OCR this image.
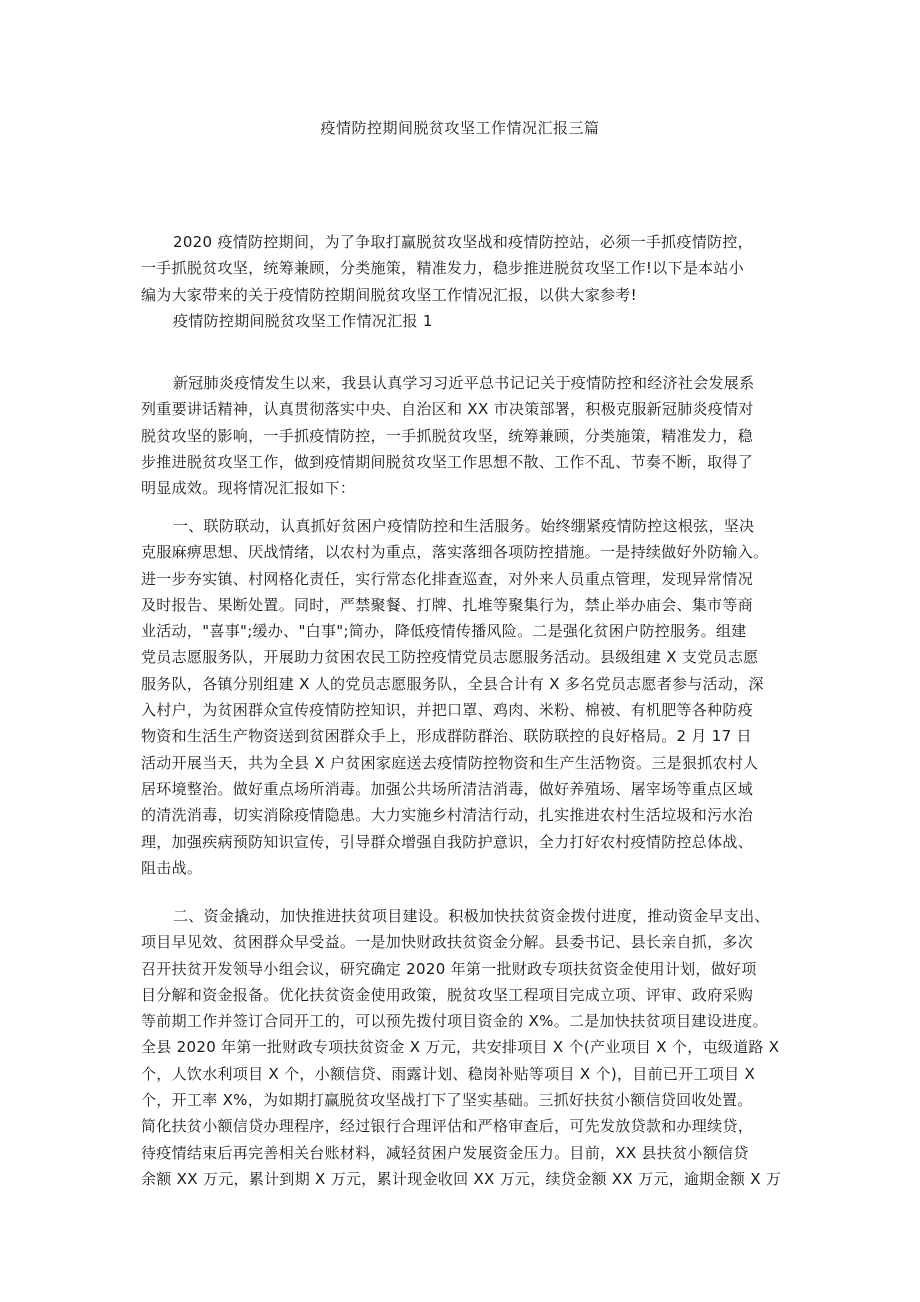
疫情防控期间脱贫攻坚工作情况汇报三篇
2020 疫情防控期间，为了争取打赢脱贫攻坚战和疫情防控站，必须一手抓疫情防控，
一手抓脱贫攻坚，统筹兼顾，分类施策，精准发力，稳步推进脱贫攻坚工作!以下是本站小
编为大家带来的关于疫情防控期间脱贫攻坚工作情况汇报，以供大家参考!
疫情防控期间脱贫攻坚工作情况汇报 1
新冠肺炎疫情发生以来，我县认真学习习近平总书记记关于疫情防控和经济社会发展系
列重要讲话精神，认真贯彻落实中央、自治区和 XX 市决策部署，积极克服新冠肺炎疫情对
脱贫攻坚的影响，一手抓疫情防控，一手抓脱贫攻坚，统筹兼顾，分类施策，精准发力，稳
步推进脱贫攻坚工作，做到疫情期间脱贫攻坚工作思想不散、工作不乱、节奏不断，取得了
明显成效。现将情况汇报如下：
一、联防联动，认真抓好贫困户疫情防控和生活服务。始终绷紧疫情防控这根弦，坚决
克服麻痹思想、厌战情绪，以农村为重点，落实落细各项防控措施。一是持续做好外防输入。
进一步夯实镇、村网格化责任，实行常态化排查巡查，对外来人员重点管理，发现异常情况
及时报告、果断处置。同时，严禁聚餐、打牌、扎堆等聚集行为，禁止举办庙会、集市等商
业活动，"喜事";缓办、"白事";简办，降低疫情传播风险。二是强化贫困户防控服务。组建
党员志愿服务队，开展助力贫困农民工防控疫情党员志愿服务活动。县级组建 X 支党员志愿
服务队，各镇分别组建 X 人的党员志愿服务队，全县合计有 X 多名党员志愿者参与活动，深
入村户，为贫困群众宣传疫情防控知识，并把口罩、鸡肉、米粉、棉被、有机肥等各种防疫
物资和生活生产物资送到贫困群众手上，形成群防群治、联防联控的良好格局。2 月 17 日
活动开展当天，共为全县 X 户贫困家庭送去疫情防控物资和生产生活物资。三是狠抓农村人
居环境整治。做好重点场所消毒。加强公共场所清洁消毒，做好养殖场、屠宰场等重点区域
的清洗消毒，切实消除疫情隐患。大力实施乡村清洁行动，扎实推进农村生活垃圾和污水治
理，加强疾病预防知识宣传，引导群众增强自我防护意识，全力打好农村疫情防控总体战、
阻击战。
二、资金撬动，加快推进扶贫项目建设。积极加快扶贫资金拨付进度，推动资金早支出、
项目早见效、贫困群众早受益。一是加快财政扶贫资金分解。县委书记、县长亲自抓，多次
召开扶贫开发领导小组会议，研究确定 2020 年第一批财政专项扶贫资金使用计划，做好项
目分解和资金报备。优化扶贫资金使用政策，脱贫攻坚工程项目完成立项、评审、政府采购
等前期工作并签订合同开工的，可以预先拨付项目资金的 X%。二是加快扶贫项目建设进度。
全县 2020 年第一批财政专项扶贫资金 X 万元，共安排项目 X 个(产业项目 X 个，屯级道路 X
个，人饮水利项目 X 个，小额信贷、雨露计划、稳岗补贴等项目 X 个)，目前已开工项目 X
个，开工率 X%，为如期打赢脱贫攻坚战打下了坚实基础。三抓好扶贫小额信贷回收处置。
简化扶贫小额信贷办理程序，经过银行合理评估和严格审查后，可先发放贷款和办理续贷，
待疫情结束后再完善相关台账材料，减轻贫困户发展资金压力。目前，XX 县扶贫小额信贷
余额 XX 万元，累计到期 X 万元，累计现金收回 XX 万元，续贷金额 XX 万元，逾期金额 X 万
